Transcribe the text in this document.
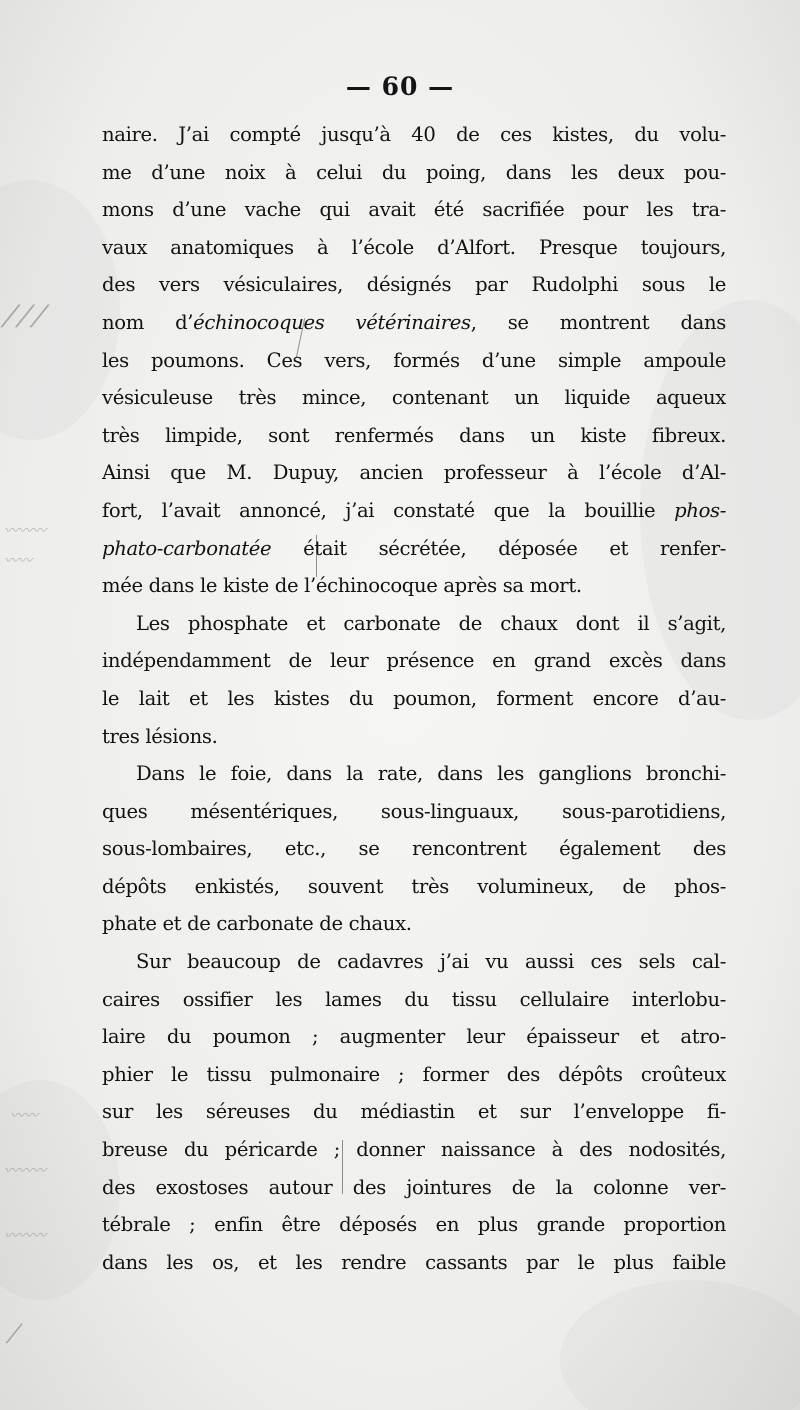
⁄ ⁄ ⁄
〰〰〰
〰〰
〰〰
〰〰〰
〰〰〰
⁄
— 60 —

naire. J’ai compté jusqu’à 40 de ces kistes, du volu-
me d’une noix à celui du poing, dans les deux pou-
mons d’une vache qui avait été sacrifiée pour les tra-
vaux anatomiques à l’école d’Alfort. Presque toujours,
des vers vésiculaires, désignés par Rudolphi sous le
nom d’échinocoques vétérinaires, se montrent dans
les poumons. Ces vers, formés d’une simple ampoule
vésiculeuse très mince, contenant un liquide aqueux
très limpide, sont renfermés dans un kiste fibreux.
Ainsi que M. Dupuy, ancien professeur à l’école d’Al-
fort, l’avait annoncé, j’ai constaté que la bouillie phos-
phato-carbonatée était sécrétée, déposée et renfer-
mée dans le kiste de l’échinocoque après sa mort.

Les phosphate et carbonate de chaux dont il s’agit,
indépendamment de leur présence en grand excès dans
le lait et les kistes du poumon, forment encore d’au-
tres lésions.

Dans le foie, dans la rate, dans les ganglions bronchi-
ques mésentériques, sous-linguaux, sous-parotidiens,
sous-lombaires, etc., se rencontrent également des
dépôts enkistés, souvent très volumineux, de phos-
phate et de carbonate de chaux.

Sur beaucoup de cadavres j’ai vu aussi ces sels cal-
caires ossifier les lames du tissu cellulaire interlobu-
laire du poumon ; augmenter leur épaisseur et atro-
phier le tissu pulmonaire ; former des dépôts croûteux
sur les séreuses du médiastin et sur l’enveloppe fi-
breuse du péricarde ; donner naissance à des nodosités,
des exostoses autour des jointures de la colonne ver-
tébrale ; enfin être déposés en plus grande proportion
dans les os, et les rendre cassants par le plus faible
